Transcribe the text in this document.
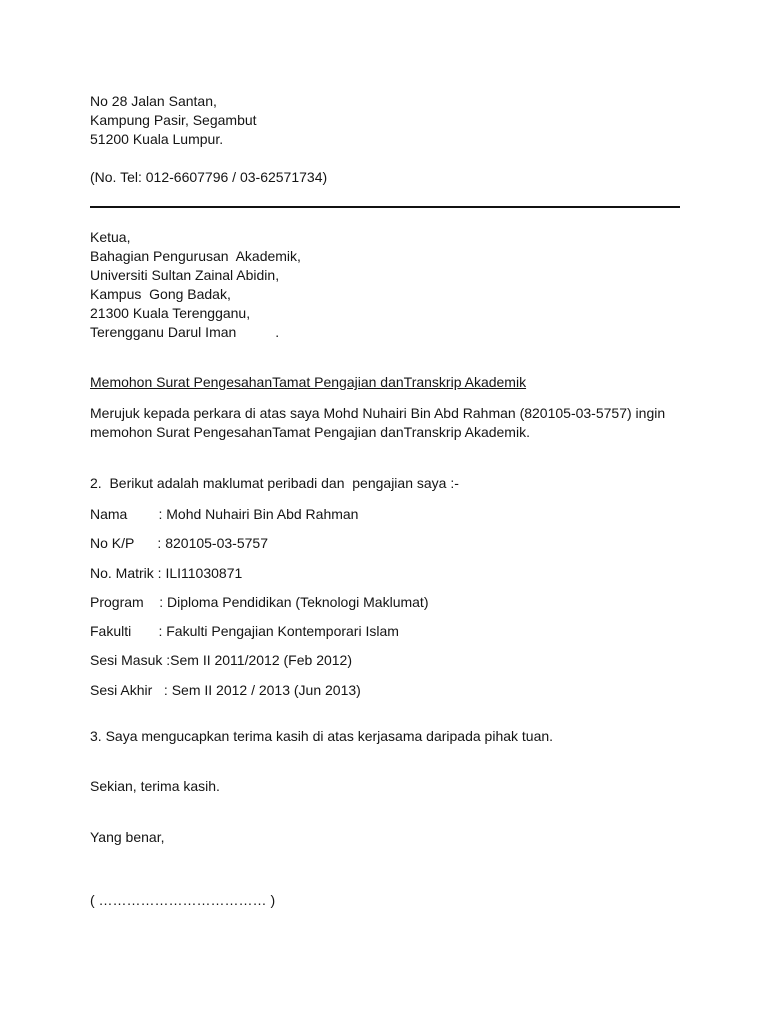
No 28 Jalan Santan,
Kampung Pasir, Segambut
51200 Kuala Lumpur.
(No. Tel: 012-6607796 / 03-62571734)
Ketua,
Bahagian Pengurusan  Akademik,
Universiti Sultan Zainal Abidin,
Kampus  Gong Badak,
21300 Kuala Terengganu,
Terengganu Darul Iman          .
Memohon Surat PengesahanTamat Pengajian danTranskrip Akademik
Merujuk kepada perkara di atas saya Mohd Nuhairi Bin Abd Rahman (820105-03-5757) ingin
memohon Surat PengesahanTamat Pengajian danTranskrip Akademik.
2.  Berikut adalah maklumat peribadi dan  pengajian saya :-
Nama        : Mohd Nuhairi Bin Abd Rahman
No K/P      : 820105-03-5757
No. Matrik : ILI11030871
Program    : Diploma Pendidikan (Teknologi Maklumat)
Fakulti       : Fakulti Pengajian Kontemporari Islam
Sesi Masuk :Sem II 2011/2012 (Feb 2012)
Sesi Akhir   : Sem II 2012 / 2013 (Jun 2013)
3. Saya mengucapkan terima kasih di atas kerjasama daripada pihak tuan.
Sekian, terima kasih.
Yang benar,
( ……………………………… )
